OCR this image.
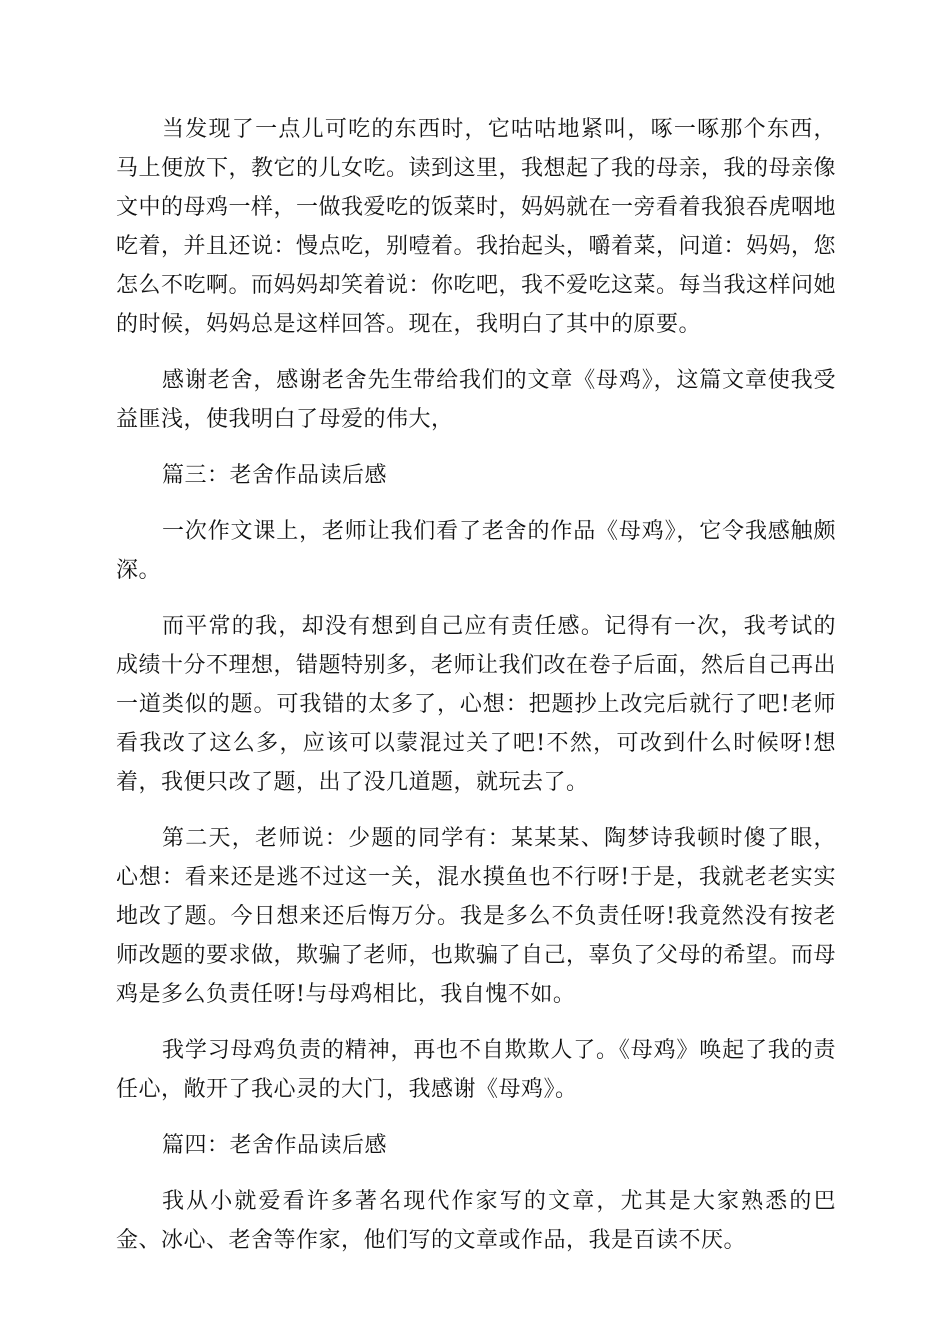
当发现了一点儿可吃的东西时，它咕咕地紧叫，啄一啄那个东西，马上便放下，教它的儿女吃。读到这里，我想起了我的母亲，我的母亲像文中的母鸡一样，一做我爱吃的饭菜时，妈妈就在一旁看着我狼吞虎咽地吃着，并且还说：慢点吃，别噎着。我抬起头，嚼着菜，问道：妈妈，您怎么不吃啊。而妈妈却笑着说：你吃吧，我不爱吃这菜。每当我这样问她的时候，妈妈总是这样回答。现在，我明白了其中的原要。

感谢老舍，感谢老舍先生带给我们的文章《母鸡》，这篇文章使我受益匪浅，使我明白了母爱的伟大，

篇三：老舍作品读后感

一次作文课上，老师让我们看了老舍的作品《母鸡》，它令我感触颇深。

而平常的我，却没有想到自己应有责任感。记得有一次，我考试的成绩十分不理想，错题特别多，老师让我们改在卷子后面，然后自己再出一道类似的题。可我错的太多了，心想：把题抄上改完后就行了吧!老师看我改了这么多，应该可以蒙混过关了吧!不然，可改到什么时候呀!想着，我便只改了题，出了没几道题，就玩去了。

第二天，老师说：少题的同学有：某某某、陶梦诗我顿时傻了眼，心想：看来还是逃不过这一关，混水摸鱼也不行呀!于是，我就老老实实地改了题。今日想来还后悔万分。我是多么不负责任呀!我竟然没有按老师改题的要求做，欺骗了老师，也欺骗了自己，辜负了父母的希望。而母鸡是多么负责任呀!与母鸡相比，我自愧不如。

我学习母鸡负责的精神，再也不自欺欺人了。《母鸡》唤起了我的责任心，敞开了我心灵的大门，我感谢《母鸡》。

篇四：老舍作品读后感

我从小就爱看许多著名现代作家写的文章，尤其是大家熟悉的巴金、冰心、老舍等作家，他们写的文章或作品，我是百读不厌。
